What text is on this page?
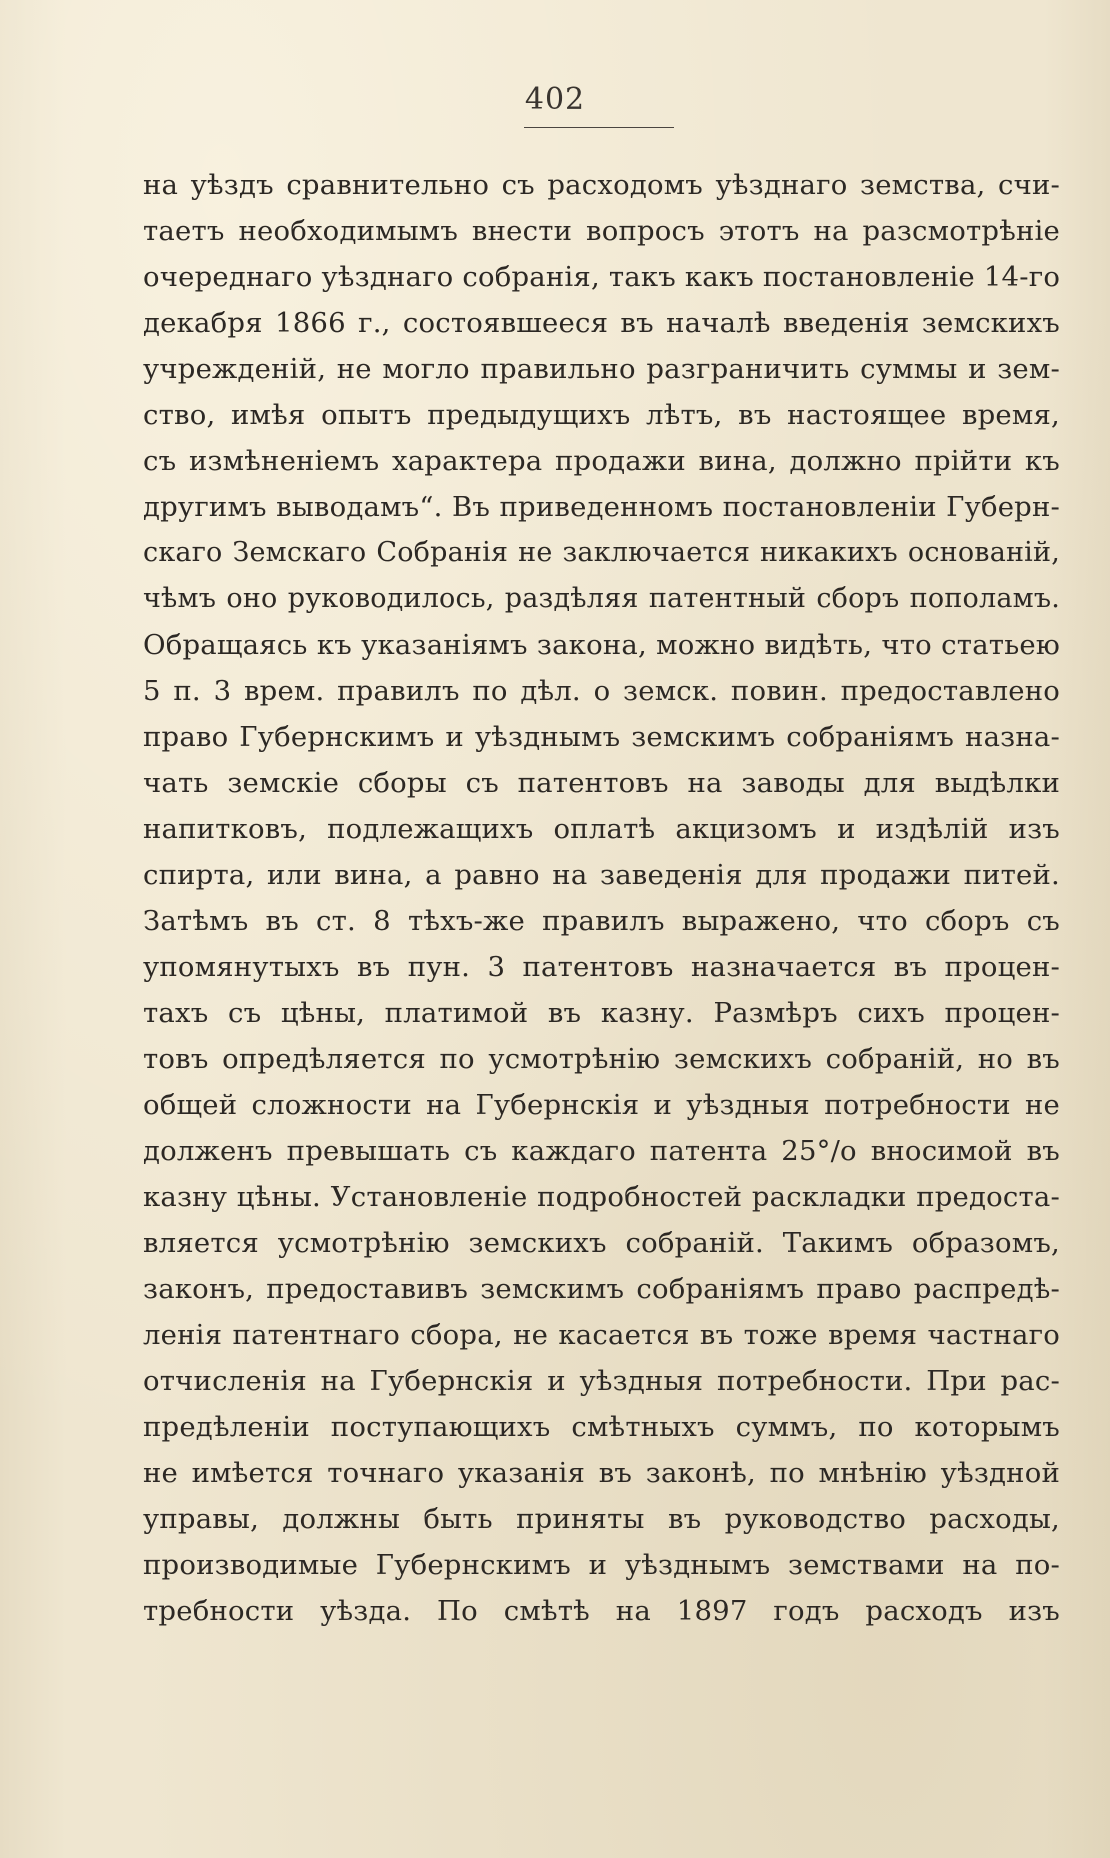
402
на уѣздъ сравнительно съ расходомъ уѣзднаго земства, счи-
таетъ необходимымъ внести вопросъ этотъ на разсмотрѣніе
очереднаго уѣзднаго собранія, такъ какъ постановленіе 14-го
декабря 1866 г., состоявшееся въ началѣ введенія земскихъ
учрежденій, не могло правильно разграничить суммы и зем-
ство, имѣя опытъ предыдущихъ лѣтъ, въ настоящее время,
съ измѣненіемъ характера продажи вина, должно прійти къ
другимъ выводамъ“. Въ приведенномъ постановленіи Губерн-
скаго Земскаго Собранія не заключается никакихъ основаній,
чѣмъ оно руководилось, раздѣляя патентный сборъ пополамъ.
Обращаясь къ указаніямъ закона, можно видѣть, что статьею
5 п. 3 врем. правилъ по дѣл. о земск. повин. предоставлено
право Губернскимъ и уѣзднымъ земскимъ собраніямъ назна-
чать земскіе сборы съ патентовъ на заводы для выдѣлки
напитковъ, подлежащихъ оплатѣ акцизомъ и издѣлій изъ
спирта, или вина, а равно на заведенія для продажи питей.
Затѣмъ въ ст. 8 тѣхъ-же правилъ выражено, что сборъ съ
упомянутыхъ въ пун. 3 патентовъ назначается въ процен-
тахъ съ цѣны, платимой въ казну. Размѣръ сихъ процен-
товъ опредѣляется по усмотрѣнію земскихъ собраній, но въ
общей сложности на Губернскія и уѣздныя потребности не
долженъ превышать съ каждаго патента 25°/о вносимой въ
казну цѣны. Установленіе подробностей раскладки предоста-
вляется усмотрѣнію земскихъ собраній. Такимъ образомъ,
законъ, предоставивъ земскимъ собраніямъ право распредѣ-
ленія патентнаго сбора, не касается въ тоже время частнаго
отчисленія на Губернскія и уѣздныя потребности. При рас-
предѣленіи поступающихъ смѣтныхъ суммъ, по которымъ
не имѣется точнаго указанія въ законѣ, по мнѣнію уѣздной
управы, должны быть приняты въ руководство расходы,
производимые Губернскимъ и уѣзднымъ земствами на по-
требности уѣзда. По смѣтѣ на 1897 годъ расходъ изъ
